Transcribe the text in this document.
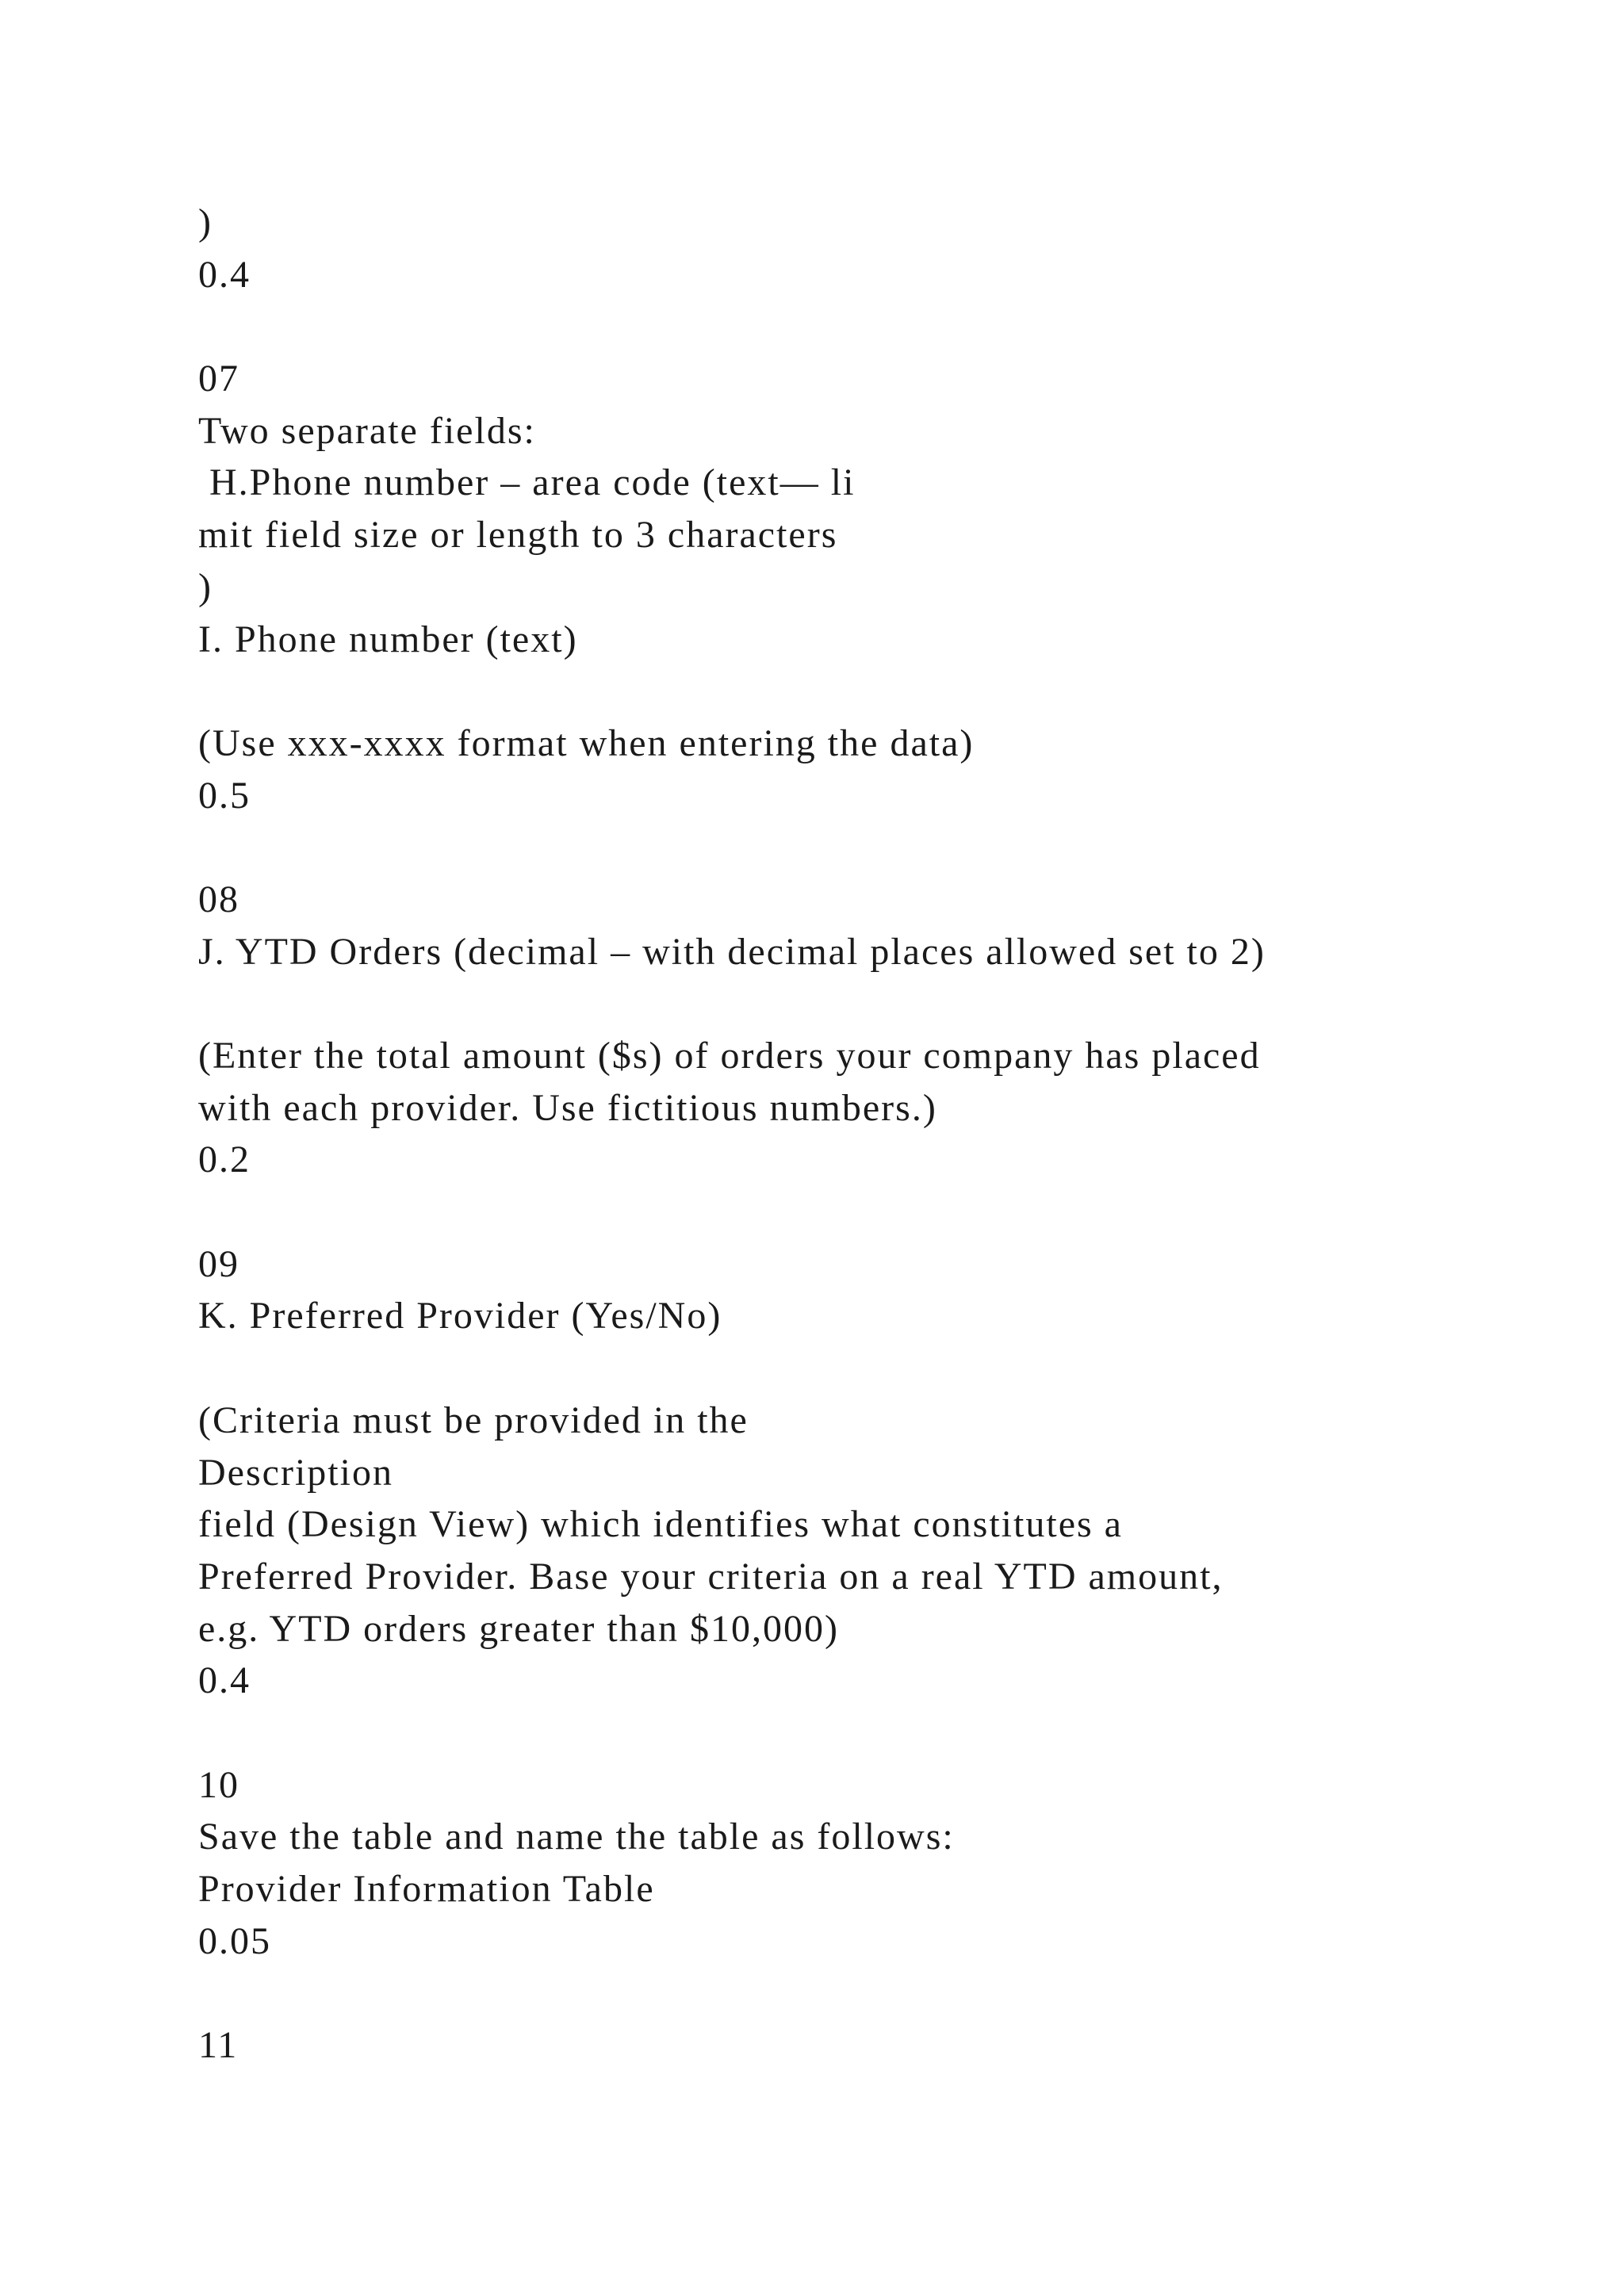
)
0.4
07
Two separate fields:
H.Phone number – area code (text— li
mit field size or length to 3 characters
)
I. Phone number (text)
(Use xxx-xxxx format when entering the data)
0.5
08
J. YTD Orders (decimal – with decimal places allowed set to 2)
(Enter the total amount ($s) of orders your company has placed
with each provider. Use fictitious numbers.)
0.2
09
K. Preferred Provider (Yes/No)
(Criteria must be provided in the
Description
field (Design View) which identifies what constitutes a
Preferred Provider. Base your criteria on a real YTD amount,
e.g. YTD orders greater than $10,000)
0.4
10
Save the table and name the table as follows:
Provider Information Table
0.05
11
